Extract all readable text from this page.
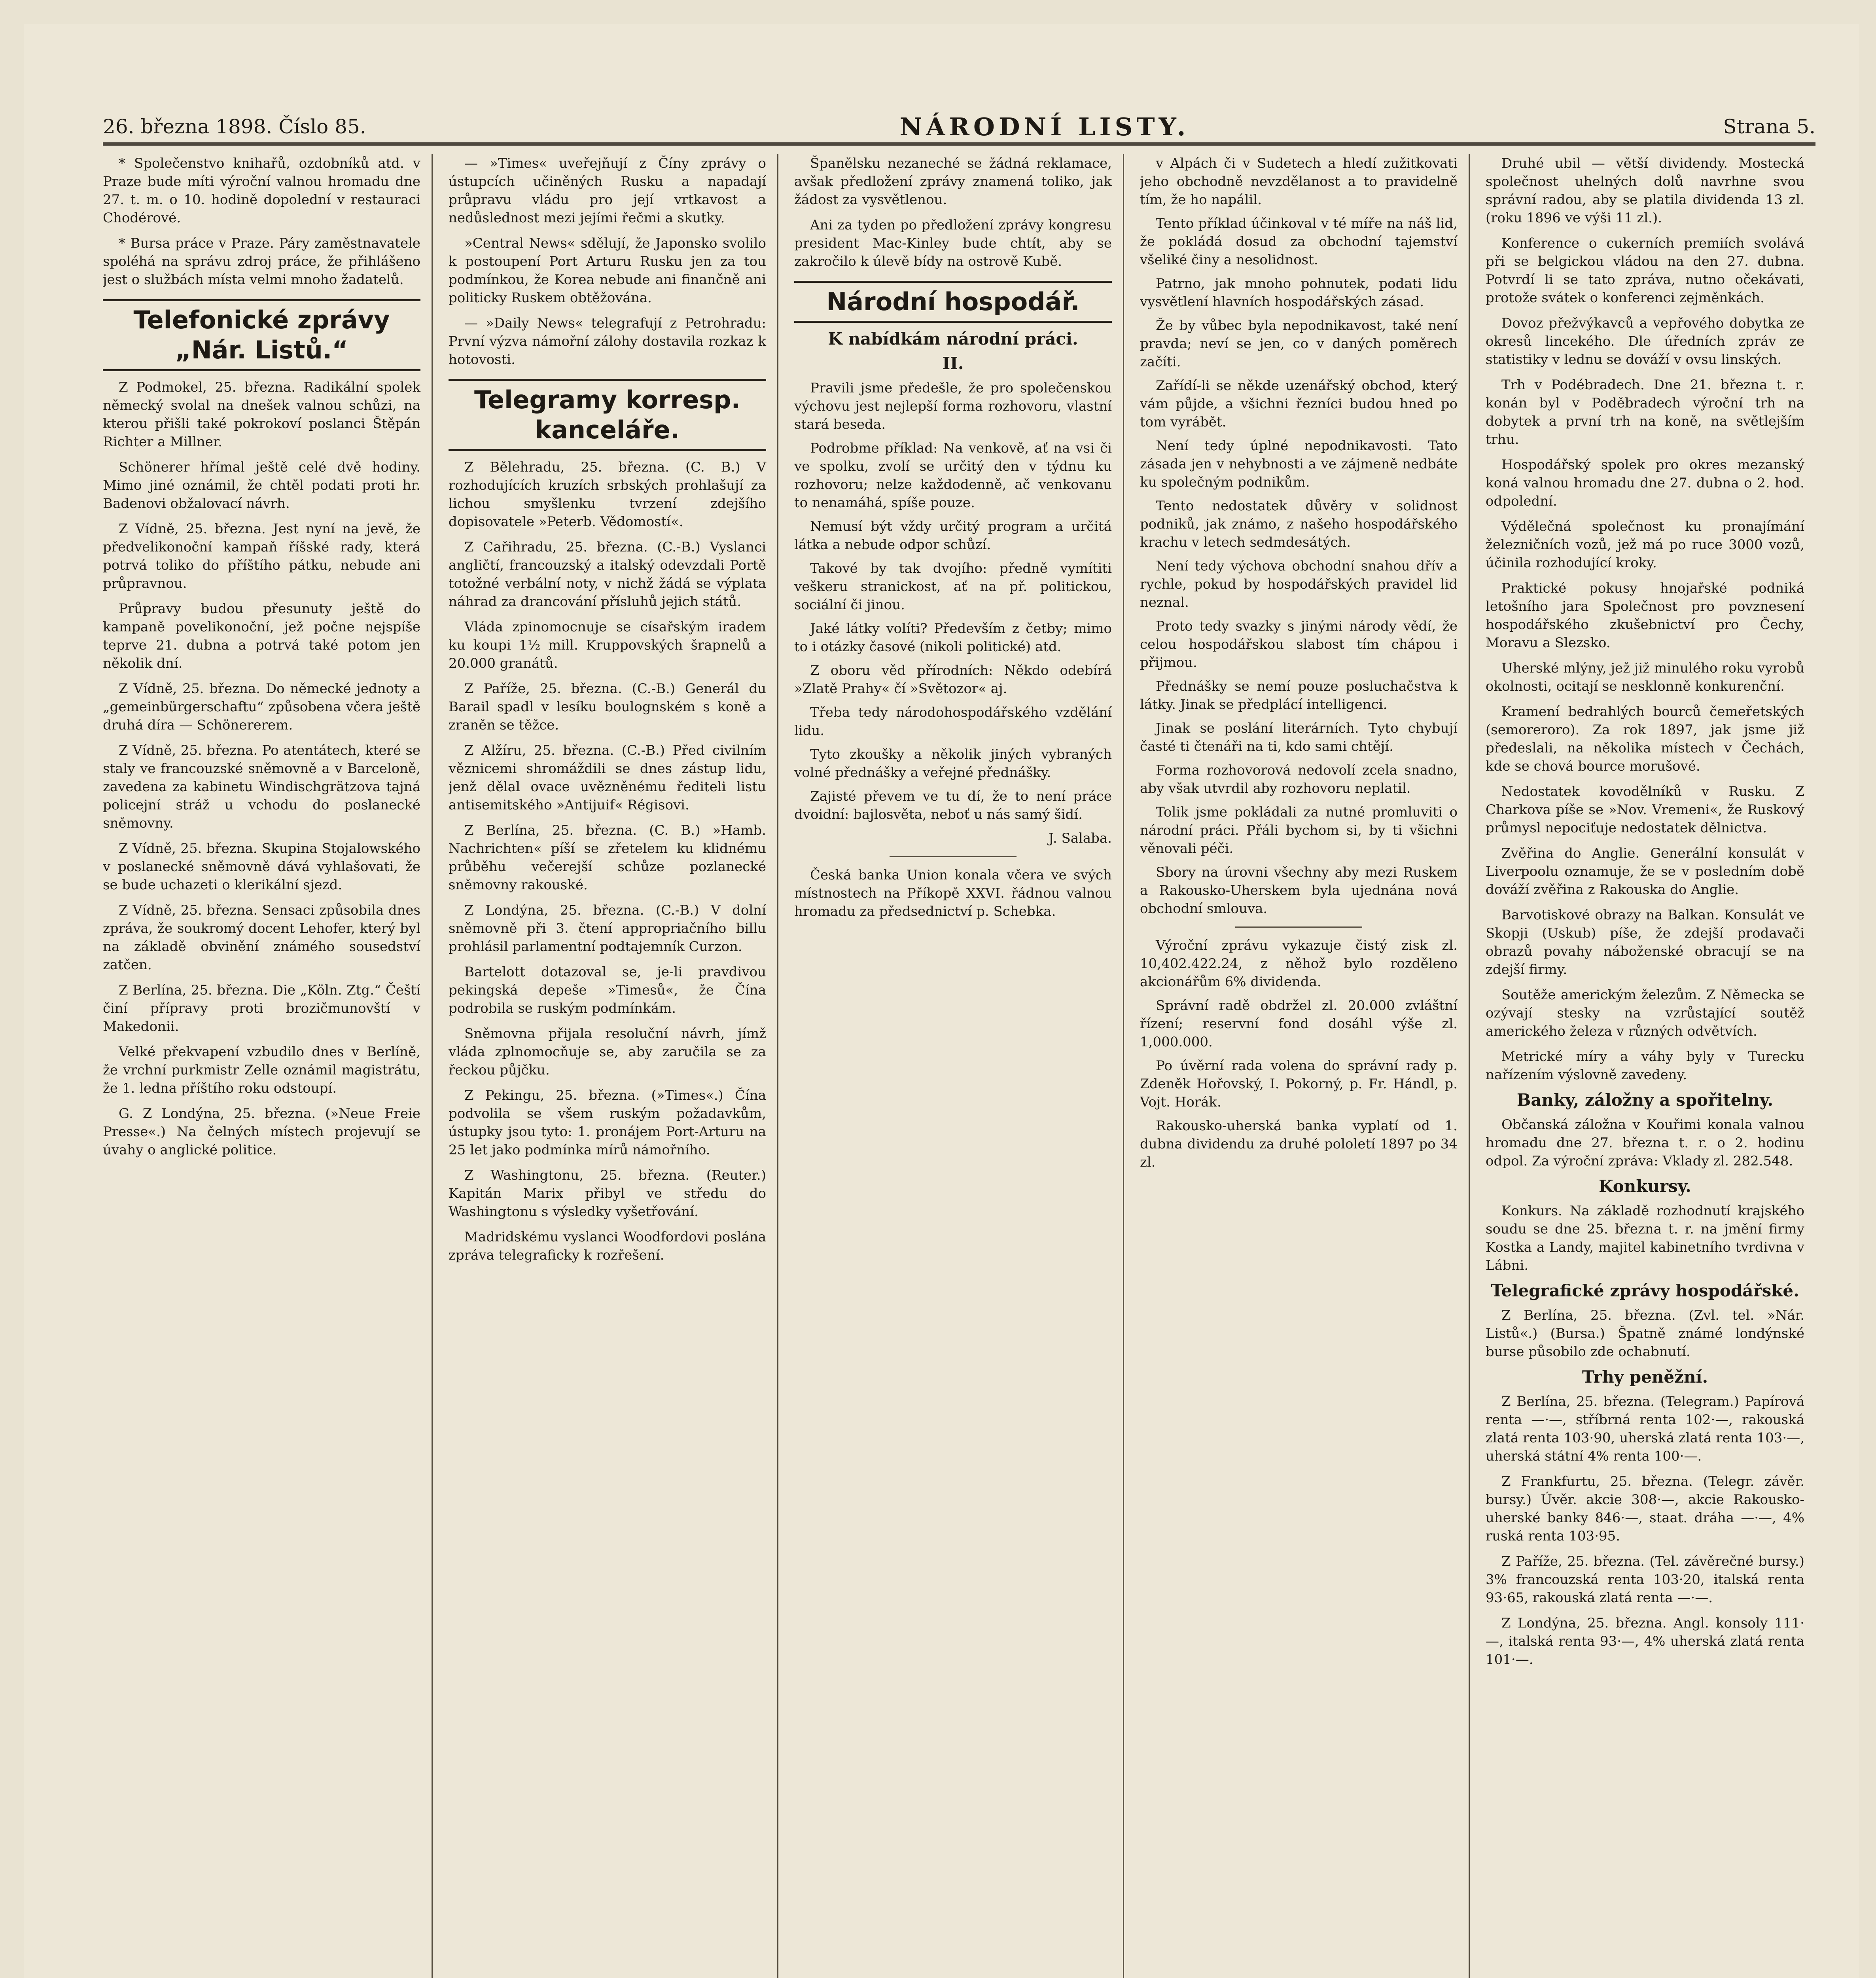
26. března 1898. Číslo 85.	NÁRODNÍ LISTY.	Strana 5.

* Společenstvo knihařů, ozdobníků atd. v Praze bude míti výroční valnou hromadu dne 27. t. m. o 10. hodině dopolední v restauraci Chodérové.

* Bursa práce v Praze. Páry zaměstnavatele spoléhá na správu zdroj práce, že přihlášeno jest o službách místa velmi mnoho žadatelů.

Telefonické zprávy „Nár. Listů.“

Z Podmokel, 25. března. Radikální spolek německý svolal na dnešek valnou schůzi, na kterou přišli také pokrokoví poslanci Štěpán Richter a Millner.

Schönerer hřímal ještě celé dvě hodiny. Mimo jiné oznámil, že chtěl podati proti hr. Badenovi obžalovací návrh.

Z Vídně, 25. března. Jest nyní na jevě, že předvelikonoční kampaň říšské rady, která potrvá toliko do příštího pátku, nebude ani průpravnou.

Průpravy budou přesunuty ještě do kampaně povelikonoční, jež počne nejspíše teprve 21. dubna a potrvá také potom jen několik dní.

Z Vídně, 25. března. Do německé jednoty a „gemeinbürgerschaftu“ způsobena včera ještě druhá díra — Schönererem.

Z Vídně, 25. března. Po atentátech, které se staly ve francouzské sněmovně a v Barceloně, zavedena za kabinetu Windischgrätzova tajná policejní stráž u vchodu do poslanecké sněmovny.

Z Vídně, 25. března. Skupina Stojalowského v poslanecké sněmovně dává vyhlašovati, že se bude uchazeti o klerikální sjezd.

Z Vídně, 25. března. Sensaci způsobila dnes zpráva, že soukromý docent Lehofer, který byl na základě obvinění známého sousedství zatčen.

Z Berlína, 25. března. Die „Köln. Ztg.“ Čeští činí přípravy proti brozičmunovští v Makedonii.

Velké překvapení vzbudilo dnes v Berlíně, že vrchní purkmistr Zelle oznámil magistrátu, že 1. ledna příštího roku odstoupí.

G. Z Londýna, 25. března. (»Neue Freie Presse«.) Na čelných místech projevují se úvahy o anglické politice.

— »Times« uveřejňují z Číny zprávy o ústupcích učiněných Rusku a napadají průpravu vládu pro její vrtkavost a nedůslednost mezi jejími řečmi a skutky.

»Central News« sdělují, že Japonsko svolilo k postoupení Port Arturu Rusku jen za tou podmínkou, že Korea nebude ani finančně ani politicky Ruskem obtěžována.

— »Daily News« telegrafují z Petrohradu: První výzva námořní zálohy dostavila rozkaz k hotovosti.

Telegramy korresp. kanceláře.

Z Bělehradu, 25. března. (C. B.) V rozhodujících kruzích srbských prohlašují za lichou smyšlenku tvrzení zdejšího dopisovatele »Peterb. Vědomostí«.

Z Cařihradu, 25. března. (C.-B.) Vyslanci angličtí, francouzský a italský odevzdali Portě totožné verbální noty, v nichž žádá se výplata náhrad za drancování přísluhů jejich států.

Vláda zpinomocnuje se císařským iradem ku koupi 1½ mill. Kruppovských šrapnelů a 20.000 granátů.

Z Paříže, 25. března. (C.-B.) Generál du Barail spadl v lesíku boulognském s koně a zraněn se těžce.

Z Alžíru, 25. března. (C.-B.) Před civilním věznicemi shromáždili se dnes zástup lidu, jenž dělal ovace uvězněnému řediteli listu antisemitského »Antijuif« Régisovi.

Z Berlína, 25. března. (C. B.) »Hamb. Nachrichten« píší se zřetelem ku klidnému průběhu večerejší schůze pozlanecké sněmovny rakouské.

Z Londýna, 25. března. (C.-B.) V dolní sněmovně při 3. čtení appropriačního billu prohlásil parlamentní podtajemník Curzon.

Bartelott dotazoval se, je-li pravdivou pekingská depeše »Timesů«, že Čína podrobila se ruským podmínkám.

Sněmovna přijala resoluční návrh, jímž vláda zplnomocňuje se, aby zaručila se za řeckou půjčku.

Z Pekingu, 25. března. (»Times«.) Čína podvolila se všem ruským požadavkům, ústupky jsou tyto: 1. pronájem Port-Arturu na 25 let jako podmínka mírů námořního.

Z Washingtonu, 25. března. (Reuter.) Kapitán Marix přibyl ve středu do Washingtonu s výsledky vyšetřování.

Madridskému vyslanci Woodfordovi poslána zpráva telegraficky k rozřešení.

Španělsku nezaneché se žádná reklamace, avšak předložení zprávy znamená toliko, jak žádost za vysvětlenou.

Ani za tyden po předložení zprávy kongresu president Mac-Kinley bude chtít, aby se zakročilo k úlevě bídy na ostrově Kubě.

Národní hospodář.
K nabídkám národní práci.
II.

Pravili jsme předešle, že pro společenskou výchovu jest nejlepší forma rozhovoru, vlastní stará beseda.

Podrobme příklad: Na venkově, ať na vsi či ve spolku, zvolí se určitý den v týdnu ku rozhovoru; nelze každodenně, ač venkovanu to nenamáhá, spíše pouze.

Nemusí být vždy určitý program a určitá látka a nebude odpor schůzí.

Takové by tak dvojího: předně vymítiti veškeru stranickost, ať na př. politickou, sociální či jinou.

Jaké látky volíti? Především z četby; mimo to i otázky časové (nikoli politické) atd.

Z oboru věd přírodních: Někdo odebírá »Zlatě Prahy« čí »Světozor« aj.

Třeba tedy národohospodářského vzdělání lidu.

Tyto zkoušky a několik jiných vybraných volné přednášky a veřejné přednášky.

Zajisté převem ve tu dí, že to není práce dvoidní: bajlosvěta, neboť u nás samý šidí.

J. Salaba.

Česká banka Union konala včera ve svých místnostech na Příkopě XXVI. řádnou valnou hromadu za předsednictví p. Schebka.

v Alpách či v Sudetech a hledí zužitkovati jeho obchodně nevzdělanost a to pravidelně tím, že ho napálil.

Tento příklad účinkoval v té míře na náš lid, že pokládá dosud za obchodní tajemství všeliké činy a nesolidnost.

Patrno, jak mnoho pohnutek, podati lidu vysvětlení hlavních hospodářských zásad.

Že by vůbec byla nepodnikavost, také není pravda; neví se jen, co v daných poměrech začíti.

Zařídí-li se někde uzenářský obchod, který vám půjde, a všichni řezníci budou hned po tom vyrábět.

Není tedy úplné nepodnikavosti. Tato zásada jen v nehybnosti a ve zájmeně nedbáte ku společným podnikům.

Tento nedostatek důvěry v solidnost podniků, jak známo, z našeho hospodářského krachu v letech sedmdesátých.

Není tedy výchova obchodní snahou dřív a rychle, pokud by hospodářských pravidel lid neznal.

Proto tedy svazky s jinými národy vědí, že celou hospodářskou slabost tím chápou i přijmou.

Přednášky se nemí pouze posluchačstva k látky. Jinak se předplácí intelligenci.

Jinak se poslání literárních. Tyto chybují časté ti čtenáři na ti, kdo sami chtějí.

Forma rozhovorová nedovolí zcela snadno, aby však utvrdil aby rozhovoru neplatil.

Tolik jsme pokládali za nutné promluviti o národní práci. Přáli bychom si, by ti všichni věnovali péči.

Sbory na úrovni všechny aby mezi Ruskem a Rakousko-Uherskem byla ujednána nová obchodní smlouva.

Výroční zprávu vykazuje čistý zisk zl. 10,402.422.24, z něhož bylo rozděleno akcionářům 6% dividenda.

Správní radě obdržel zl. 20.000 zvláštní řízení; reservní fond dosáhl výše zl. 1,000.000.

Po úvěrní rada volena do správní rady p. Zdeněk Hořovský, I. Pokorný, p. Fr. Hándl, p. Vojt. Horák.

Rakousko-uherská banka vyplatí od 1. dubna dividendu za druhé pololetí 1897 po 34 zl.

Druhé ubil — větší dividendy. Mostecká společnost uhelných dolů navrhne svou správní radou, aby se platila dividenda 13 zl. (roku 1896 ve výši 11 zl.).

Konference o cukerních premiích svolává při se belgickou vládou na den 27. dubna. Potvrdí li se tato zpráva, nutno očekávati, protože svátek o konferenci zejměnkách.

Dovoz přežvýkavců a vepřového dobytka ze okresů lincekého. Dle úředních zpráv ze statistiky v lednu se dováží v ovsu linských.

Trh v Podébradech. Dne 21. března t. r. konán byl v Poděbradech výroční trh na dobytek a první trh na koně, na světlejším trhu.

Hospodářský spolek pro okres mezanský koná valnou hromadu dne 27. dubna o 2. hod. odpolední.

Výdělečná společnost ku pronajímání železničních vozů, jež má po ruce 3000 vozů, účinila rozhodující kroky.

Praktické pokusy hnojařské podniká letošního jara Společnost pro povznesení hospodářského zkušebnictví pro Čechy, Moravu a Slezsko.

Uherské mlýny, jež již minulého roku vyrobů okolnosti, ocitají se nesklonně konkurenční.

Kramení bedrahlých bourců čemeřetských (semoreroro). Za rok 1897, jak jsme již předeslali, na několika místech v Čechách, kde se chová bource morušové.

Nedostatek kovodělníků v Rusku. Z Charkova píše se »Nov. Vremeni«, že Ruskový průmysl nepociťuje nedostatek dělnictva.

Zvěřina do Anglie. Generální konsulát v Liverpoolu oznamuje, že se v posledním době dováží zvěřina z Rakouska do Anglie.

Barvotiskové obrazy na Balkan. Konsulát ve Skopji (Uskub) píše, že zdejší prodavači obrazů povahy náboženské obracují se na zdejší firmy.

Soutěže americkým železům. Z Německa se ozývají stesky na vzrůstající soutěž amerického železa v různých odvětvích.

Metrické míry a váhy byly v Turecku nařízením výslovně zavedeny.

Banky, záložny a spořitelny.

Občanská záložna v Kouřimi konala valnou hromadu dne 27. března t. r. o 2. hodinu odpol. Za výroční zpráva: Vklady zl. 282.548.

Konkursy.

Konkurs. Na základě rozhodnutí krajského soudu se dne 25. března t. r. na jmění firmy Kostka a Landy, majitel kabinetního tvrdivna v Lábni.

Telegrafické zprávy hospodářské.

Z Berlína, 25. března. (Zvl. tel. »Nár. Listů«.) (Bursa.) Špatně známé londýnské burse působilo zde ochabnutí.

Trhy peněžní.

Z Berlína, 25. března. (Telegram.) Papírová renta —·—, stříbrná renta 102·—, rakouská zlatá renta 103·90, uherská zlatá renta 103·—, uherská státní 4% renta 100·—.

Z Frankfurtu, 25. března. (Telegr. závěr. bursy.) Úvěr. akcie 308·—, akcie Rakousko-uherské banky 846·—, staat. dráha —·—, 4% ruská renta 103·95.

Z Paříže, 25. března. (Tel. závěrečné bursy.) 3% francouzská renta 103·20, italská renta 93·65, rakouská zlatá renta —·—.

Z Londýna, 25. března. Angl. konsoly 111·—, italská renta 93·—, 4% uherská zlatá renta 101·—.
